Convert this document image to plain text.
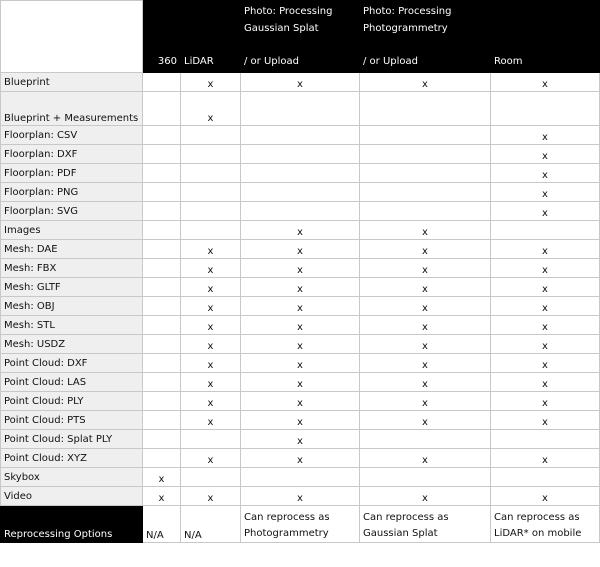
	360	LiDAR	Photo: Processing
Gaussian Splat
/ or Upload	Photo: Processing
Photogrammetry
/ or Upload	Room

Blueprint		x	x	x	x
Blueprint + Measurements		x			
Floorplan: CSV					x
Floorplan: DXF					x
Floorplan: PDF					x
Floorplan: PNG					x
Floorplan: SVG					x
Images			x	x	
Mesh: DAE		x	x	x	x
Mesh: FBX		x	x	x	x
Mesh: GLTF		x	x	x	x
Mesh: OBJ		x	x	x	x
Mesh: STL		x	x	x	x
Mesh: USDZ		x	x	x	x
Point Cloud: DXF		x	x	x	x
Point Cloud: LAS		x	x	x	x
Point Cloud: PLY		x	x	x	x
Point Cloud: PTS		x	x	x	x
Point Cloud: Splat PLY			x		
Point Cloud: XYZ		x	x	x	x
Skybox	x				
Video	x	x	x	x	x
Reprocessing Options	N/A	N/A	Can reprocess as Photogrammetry	Can reprocess as Gaussian Splat	Can reprocess as LiDAR* on mobile
